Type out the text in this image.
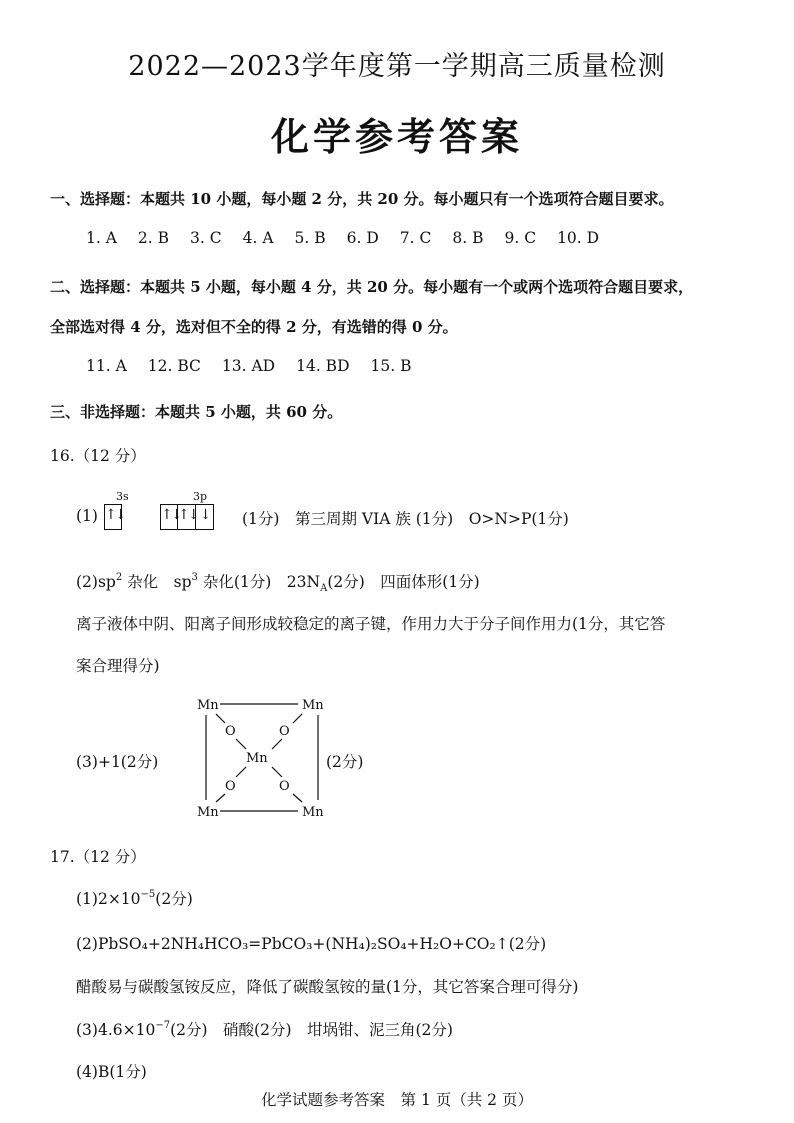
2022—2023学年度第一学期高三质量检测
化学参考答案
一、选择题：本题共 10 小题，每小题 2 分，共 20 分。每小题只有一个选项符合题目要求。
1. A 2. B 3. C 4. A 5. B 6. D 7. C 8. B 9. C 10. D
二、选择题：本题共 5 小题，每小题 4 分，共 20 分。每小题有一个或两个选项符合题目要求，
全部选对得 4 分，选对但不全的得 2 分，有选错的得 0 分。
11. A 12. BC 13. AD 14. BD 15. B
三、非选择题：本题共 5 小题，共 60 分。
16.（12 分）
(1)
3s	3p
↑↓	↑↓
↑↓ ↓ (1分)　第三周期 VIA 族 (1分)　O>N>P(1分)
$(2)sp^2$ 杂化　$sp^3$ 杂化(1分)　$23N_A(2$分)　四面体形(1分)
离子液体中阴、阳离子间形成较稳定的离子键，作用力大于分子间作用力(1分，其它答
案合理得分)
(3)+1(2分)
Mn	Mn
Mn
Mn	Mn
O	O
O	O
(2分)
17.（12 分）
$(1)2\times 10^{-5}(2$分)
(2)PbSO₄+2NH₄HCO₃=PbCO₃+(NH₄)₂SO₄+H₂O+CO₂↑(2分)
醋酸易与碳酸氢铵反应，降低了碳酸氢铵的量(1分，其它答案合理可得分)
$(3)4.6\times 10^{-7}(2$分)　硝酸(2分)　坩埚钳、泥三角(2分)
(4)B(1分)
化学试题参考答案　第 1 页（共 2 页）
